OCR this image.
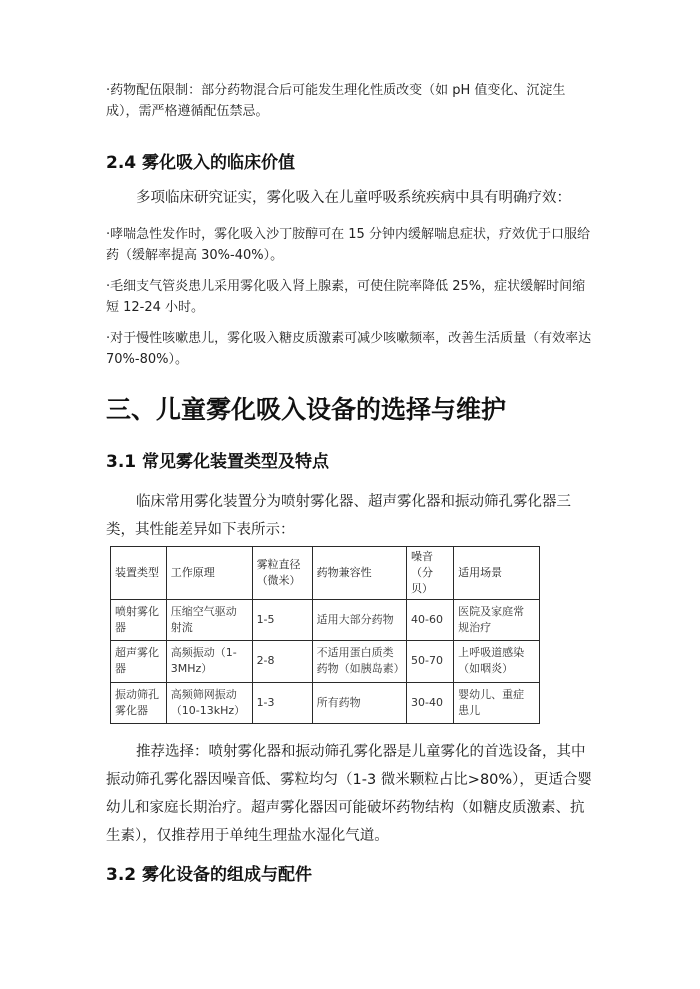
·药物配伍限制：部分药物混合后可能发生理化性质改变（如 pH 值变化、沉淀生成），需严格遵循配伍禁忌。
2.4 雾化吸入的临床价值
多项临床研究证实，雾化吸入在儿童呼吸系统疾病中具有明确疗效：
·哮喘急性发作时，雾化吸入沙丁胺醇可在 15 分钟内缓解喘息症状，疗效优于口服给药（缓解率提高 30%-40%）。
·毛细支气管炎患儿采用雾化吸入肾上腺素，可使住院率降低 25%，症状缓解时间缩短 12-24 小时。
·对于慢性咳嗽患儿，雾化吸入糖皮质激素可减少咳嗽频率，改善生活质量（有效率达 70%-80%）。
三、儿童雾化吸入设备的选择与维护
3.1 常见雾化装置类型及特点
临床常用雾化装置分为喷射雾化器、超声雾化器和振动筛孔雾化器三类，其性能差异如下表所示：
装置类型	工作原理	雾粒直径（微米）	药物兼容性	噪音（分贝）	适用场景
喷射雾化器	压缩空气驱动射流	1-5	适用大部分药物	40-60	医院及家庭常规治疗
超声雾化器	高频振动（1-3MHz）	2-8	不适用蛋白质类药物（如胰岛素）	50-70	上呼吸道感染（如咽炎）
振动筛孔雾化器	高频筛网振动（10-13kHz）	1-3	所有药物	30-40	婴幼儿、重症患儿
推荐选择：喷射雾化器和振动筛孔雾化器是儿童雾化的首选设备，其中振动筛孔雾化器因噪音低、雾粒均匀（1-3 微米颗粒占比>80%），更适合婴幼儿和家庭长期治疗。超声雾化器因可能破坏药物结构（如糖皮质激素、抗生素），仅推荐用于单纯生理盐水湿化气道。
3.2 雾化设备的组成与配件
